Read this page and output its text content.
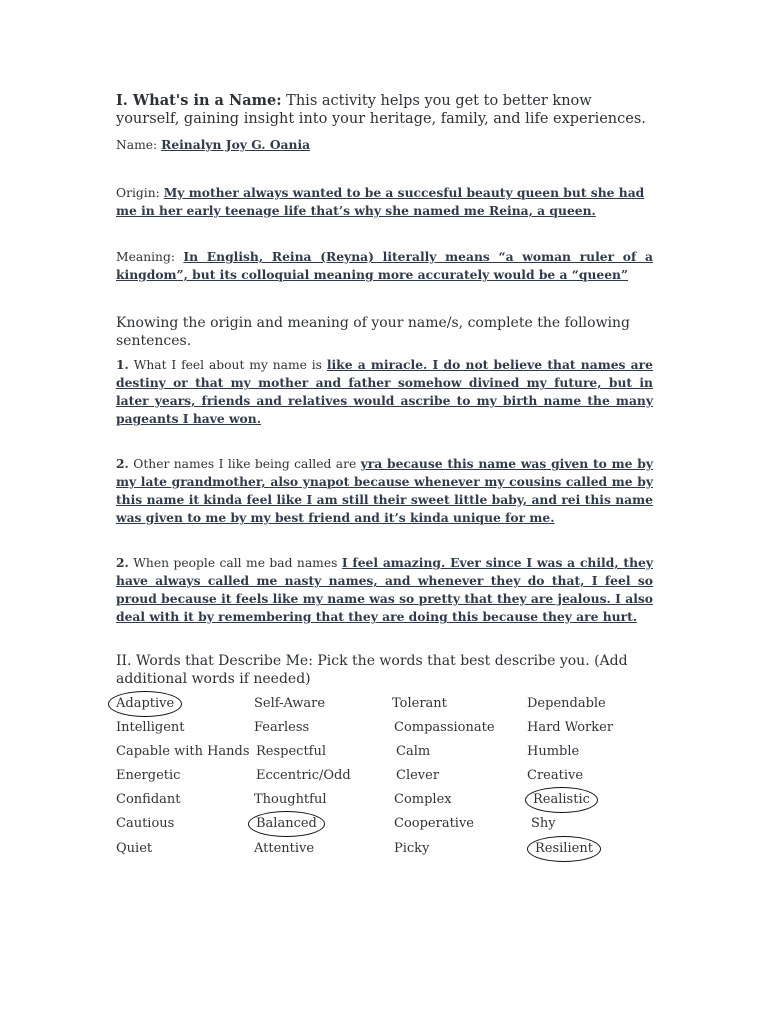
I. What's in a Name: This activity helps you get to better know yourself, gaining insight into your heritage, family, and life experiences.
Name: Reinalyn Joy G. Oania
Origin: My mother always wanted to be a succesful beauty queen but she had me in her early teenage life that’s why she named me Reina, a queen.
Meaning: In English, Reina (Reyna) literally means “a woman ruler of a kingdom”, but its colloquial meaning more accurately would be a “queen”
Knowing the origin and meaning of your name/s, complete the following sentences.
1. What I feel about my name is like a miracle. I do not believe that names are destiny or that my mother and father somehow divined my future, but in later years, friends and relatives would ascribe to my birth name the many pageants I have won.
2. Other names I like being called are yra because this name was given to me by my late grandmother, also ynapot because whenever my cousins called me by this name it kinda feel like I am still their sweet little baby, and rei this name was given to me by my best friend and it’s kinda unique for me.
2. When people call me bad names I feel amazing. Ever since I was a child, they have always called me nasty names, and whenever they do that, I feel so proud because it feels like my name was so pretty that they are jealous. I also deal with it by remembering that they are doing this because they are hurt.
II. Words that Describe Me: Pick the words that best describe you. (Add additional words if needed)
Adaptive
Intelligent
Capable with Hands
Energetic
Confidant
Cautious
Quiet
Self-Aware
Fearless
Respectful
Eccentric/Odd
Thoughtful
Balanced
Attentive
Tolerant
Compassionate
Calm
Clever
Complex
Cooperative
Picky
Dependable
Hard Worker
Humble
Creative
Realistic
Shy
Resilient
